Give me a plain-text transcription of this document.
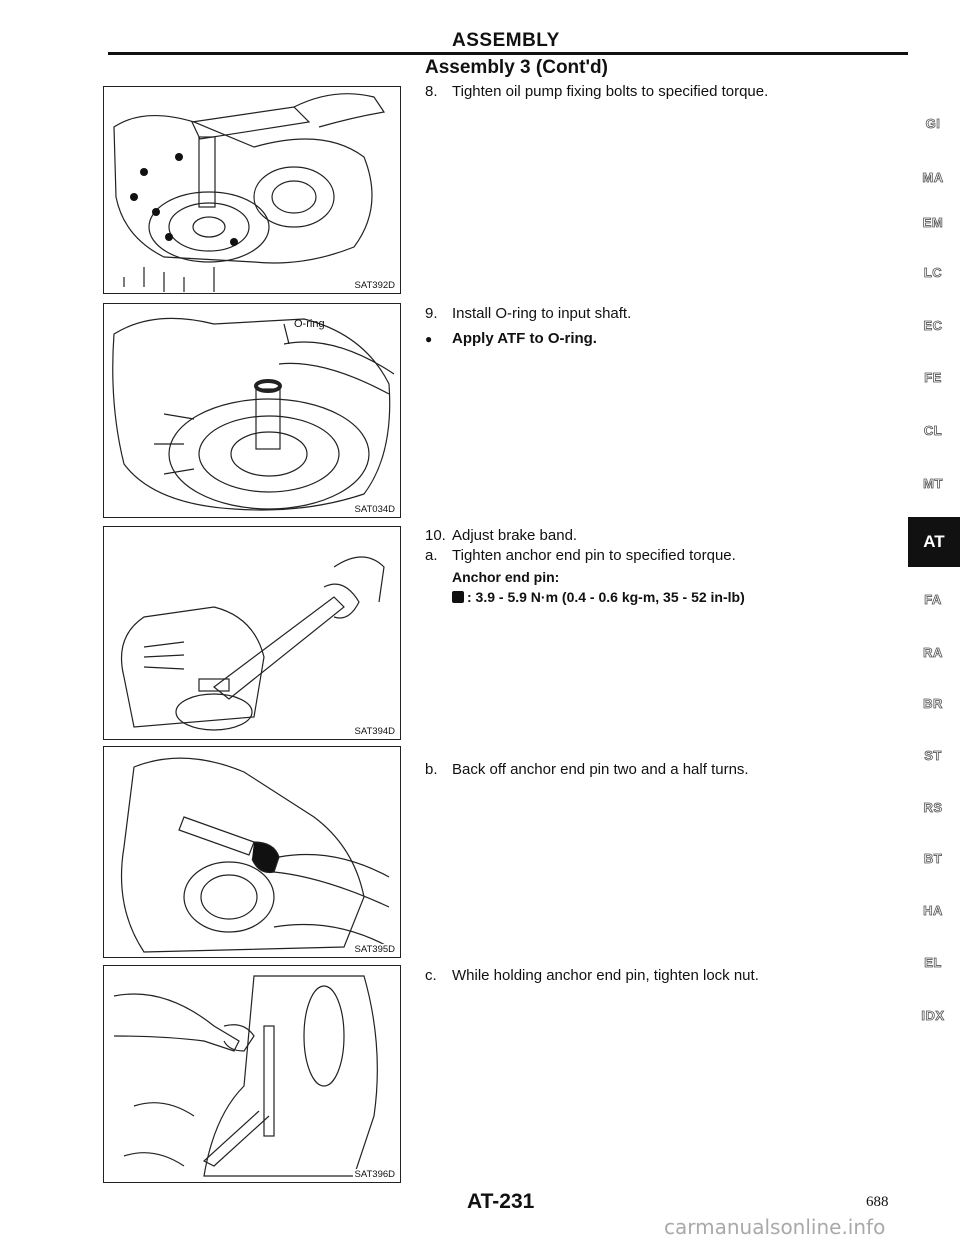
ASSEMBLY
Assembly 3 (Cont'd)
SAT392D
O-ring
SAT034D
SAT394D
SAT395D
SAT396D
8. Tighten oil pump fixing bolts to specified torque.
9. Install O-ring to input shaft.
● Apply ATF to O-ring.
10. Adjust brake band.
a. Tighten anchor end pin to specified torque.
Anchor end pin:
: 3.9 - 5.9 N·m (0.4 - 0.6 kg-m, 35 - 52 in-lb)
b. Back off anchor end pin two and a half turns.
c. While holding anchor end pin, tighten lock nut.
GI
MA
EM
LC
EC
FE
CL
MT
AT
FA
RA
BR
ST
RS
BT
HA
EL
IDX
AT-231	688
carmanualsonline.info
